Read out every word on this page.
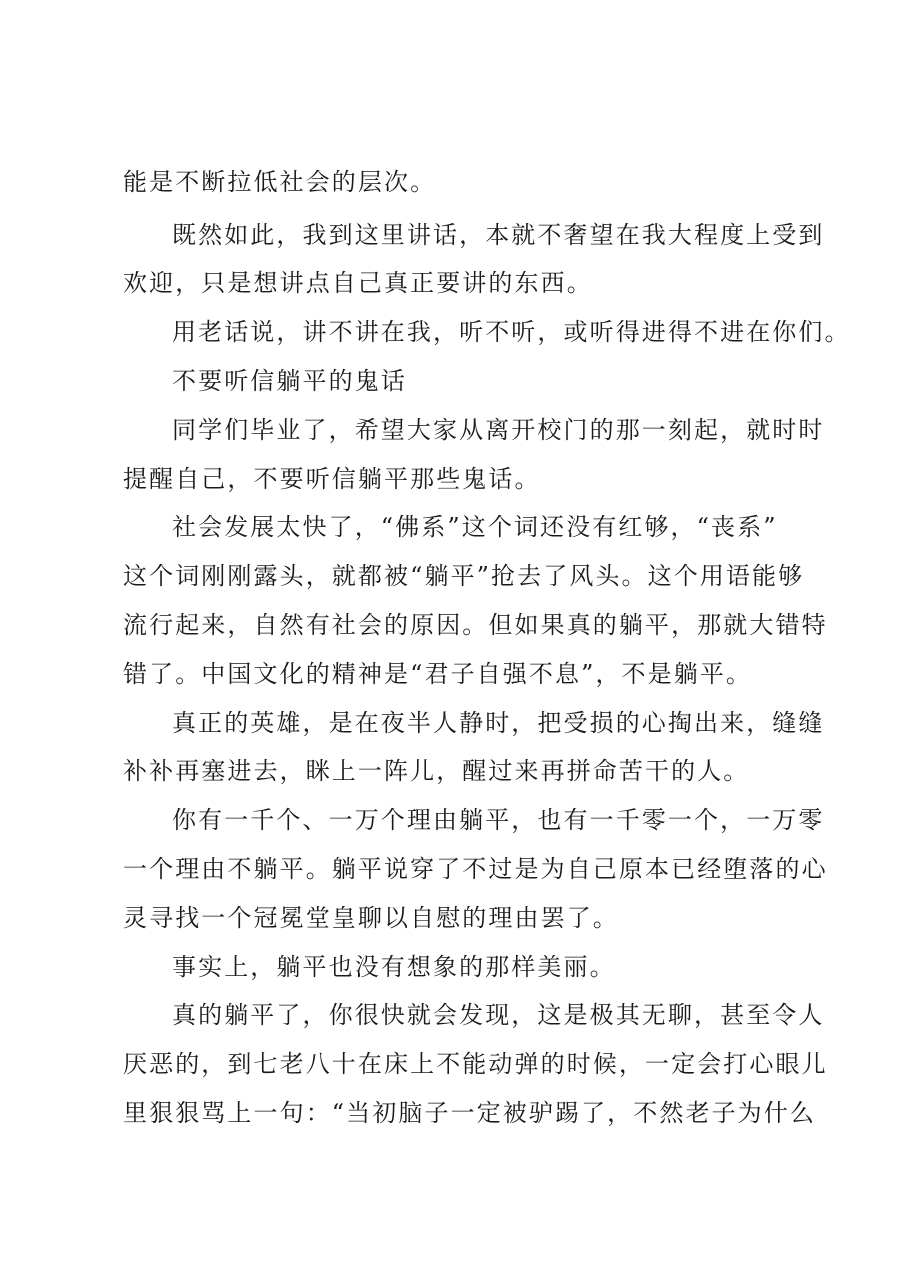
能是不断拉低社会的层次。
既然如此，我到这里讲话，本就不奢望在我大程度上受到
欢迎，只是想讲点自己真正要讲的东西。
用老话说，讲不讲在我，听不听，或听得进得不进在你们。
不要听信躺平的鬼话
同学们毕业了，希望大家从离开校门的那一刻起，就时时
提醒自己，不要听信躺平那些鬼话。
社会发展太快了，“佛系”这个词还没有红够，“丧系”
这个词刚刚露头，就都被“躺平”抢去了风头。这个用语能够
流行起来，自然有社会的原因。但如果真的躺平，那就大错特
错了。中国文化的精神是“君子自强不息”，不是躺平。
真正的英雄，是在夜半人静时，把受损的心掏出来，缝缝
补补再塞进去，眯上一阵儿，醒过来再拼命苦干的人。
你有一千个、一万个理由躺平，也有一千零一个，一万零
一个理由不躺平。躺平说穿了不过是为自己原本已经堕落的心
灵寻找一个冠冕堂皇聊以自慰的理由罢了。
事实上，躺平也没有想象的那样美丽。
真的躺平了，你很快就会发现，这是极其无聊，甚至令人
厌恶的，到七老八十在床上不能动弹的时候，一定会打心眼儿
里狠狠骂上一句：“当初脑子一定被驴踢了，不然老子为什么
